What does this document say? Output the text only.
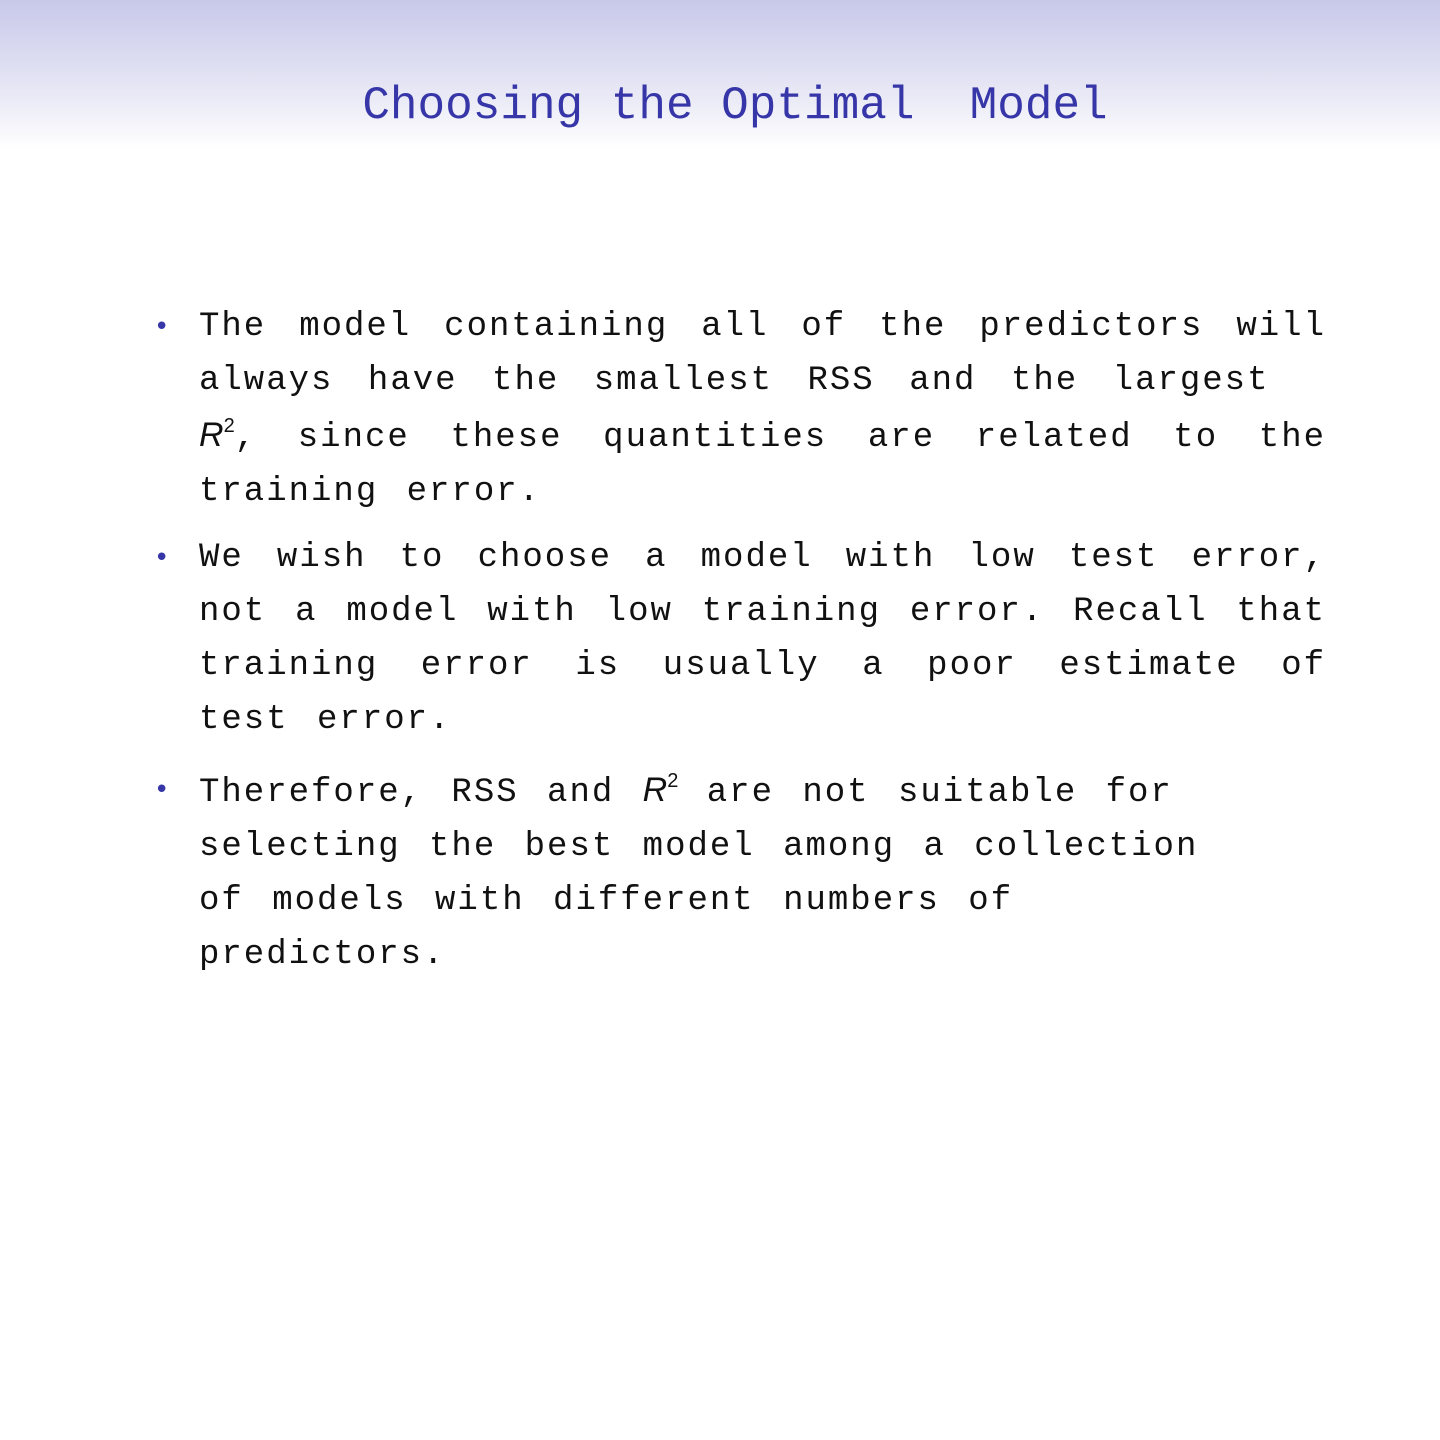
Choosing the Optimal  Model
• The model containing all of the predictors will always have the smallest RSS and the largest $R^2$, since these quantities are related to the training error.
• We wish to choose a model with low test error, not a model with low training error. Recall that training error is usually a poor estimate of test error.
• Therefore, RSS and $R^2$ are not suitable for selecting the best model among a collection of models with different numbers of predictors.
